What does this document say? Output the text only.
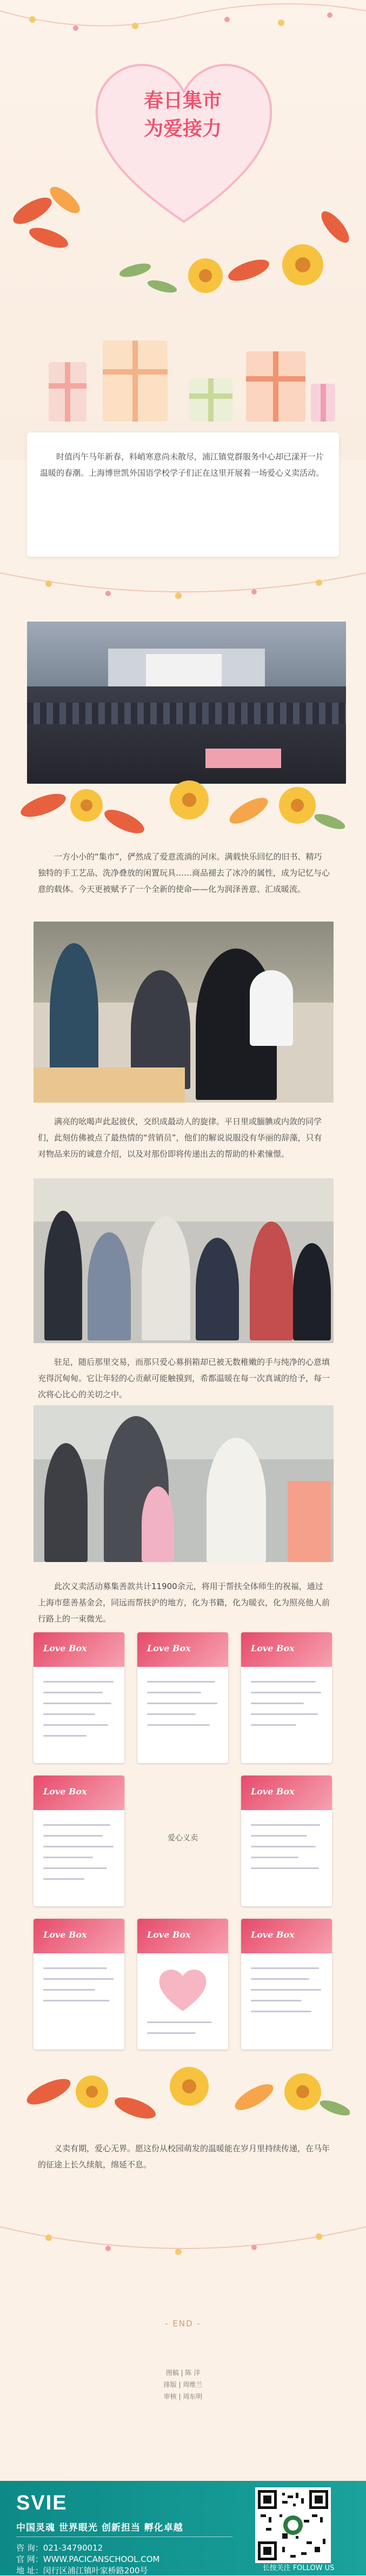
春日集市
为爱接力

时值丙午马年新春，料峭寒意尚未散尽，浦江镇党群服务中心却已漾开一片温暖的春潮。上海博世凯外国语学校学子们正在这里开展着一场爱心义卖活动。

一方小小的“集市”，俨然成了爱意流淌的河床。满载快乐回忆的旧书、精巧独特的手工艺品、洗净叠放的闲置玩具……商品褪去了冰冷的属性，成为记忆与心意的载体。今天更被赋予了一个全新的使命——化为润泽善意、汇成暖流。

满亮的吆喝声此起彼伏，交织成最动人的旋律。平日里或腼腆或内敛的同学们，此刻仿佛被点了最热情的“营销员”，他们的解说说服没有华丽的辞藻，只有对物品来历的诚意介绍，以及对那份即将传递出去的帮助的朴素憧憬。

驻足，随后那里交易，而那只爱心募捐箱却已被无数稚嫩的手与纯净的心意填充得沉甸甸。它让年轻的心贡献可能触摸到，希都温暖在每一次真诚的给予，每一次将心比心的关切之中。

此次义卖活动募集善款共计11900余元，将用于帮扶全体师生的祝福，通过上海市慈善基金会，同远而帮扶沪的地方，化为书籍，化为暖衣，化为照亮他人前行路上的一束微光。

Love Box	Love Box	Love Box
Love Box
爱心义卖
Love Box
Love Box	Love Box	Love Box

义卖有期，爱心无界。愿这份从校园萌发的温暖能在岁月里持续传递，在马年的征途上长久续航，绵延不息。

- END -
图稿 | 陈 洋
排版 | 周维兰
审核 | 周东明
SVIE
中国灵魂 世界眼光 创新担当 孵化卓越
咨 询：021-34790012
官 网：WWW.PACICANSCHOOL.COM
地 址：闵行区浦江镇叶家桥路200号	长按关注 FOLLOW US
